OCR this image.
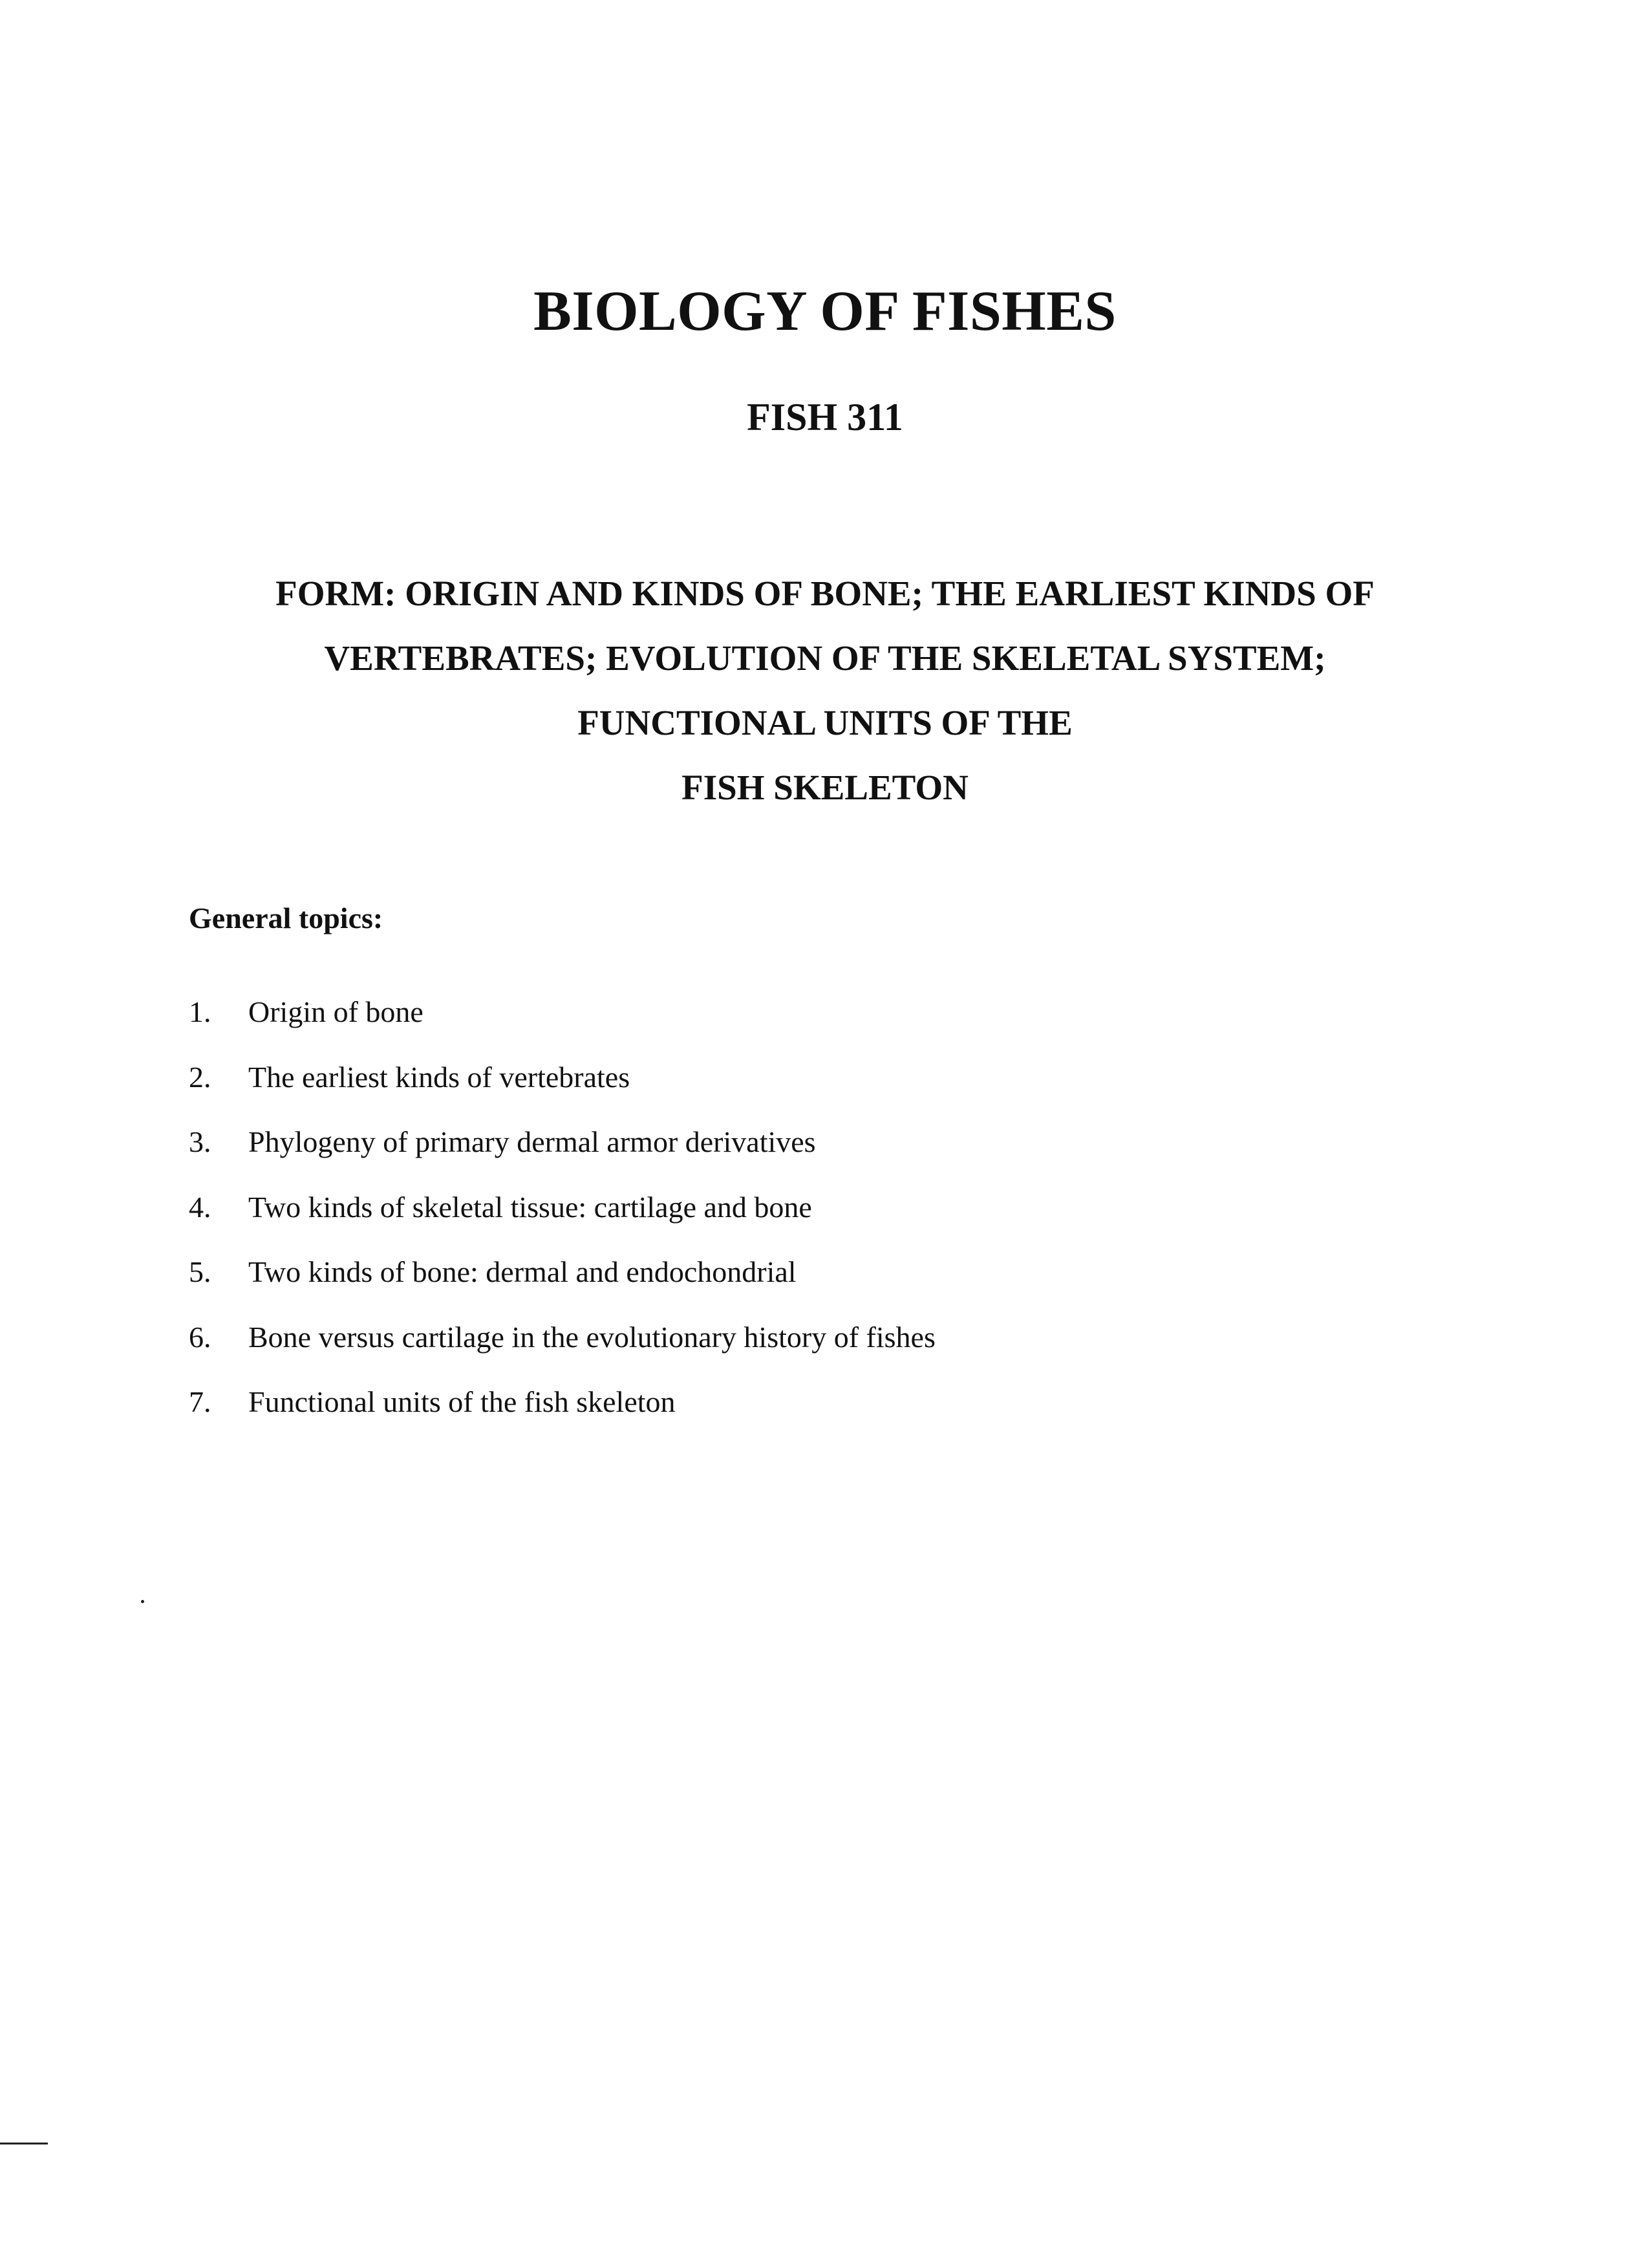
BIOLOGY OF FISHES
FISH 311
FORM: ORIGIN AND KINDS OF BONE; THE EARLIEST KINDS OF
VERTEBRATES; EVOLUTION OF THE SKELETAL SYSTEM;
FUNCTIONAL UNITS OF THE
FISH SKELETON
General topics:
1.	Origin of bone
2.	The earliest kinds of vertebrates
3.	Phylogeny of primary dermal armor derivatives
4.	Two kinds of skeletal tissue: cartilage and bone
5.	Two kinds of bone: dermal and endochondrial
6.	Bone versus cartilage in the evolutionary history of fishes
7.	Functional units of the fish skeleton
